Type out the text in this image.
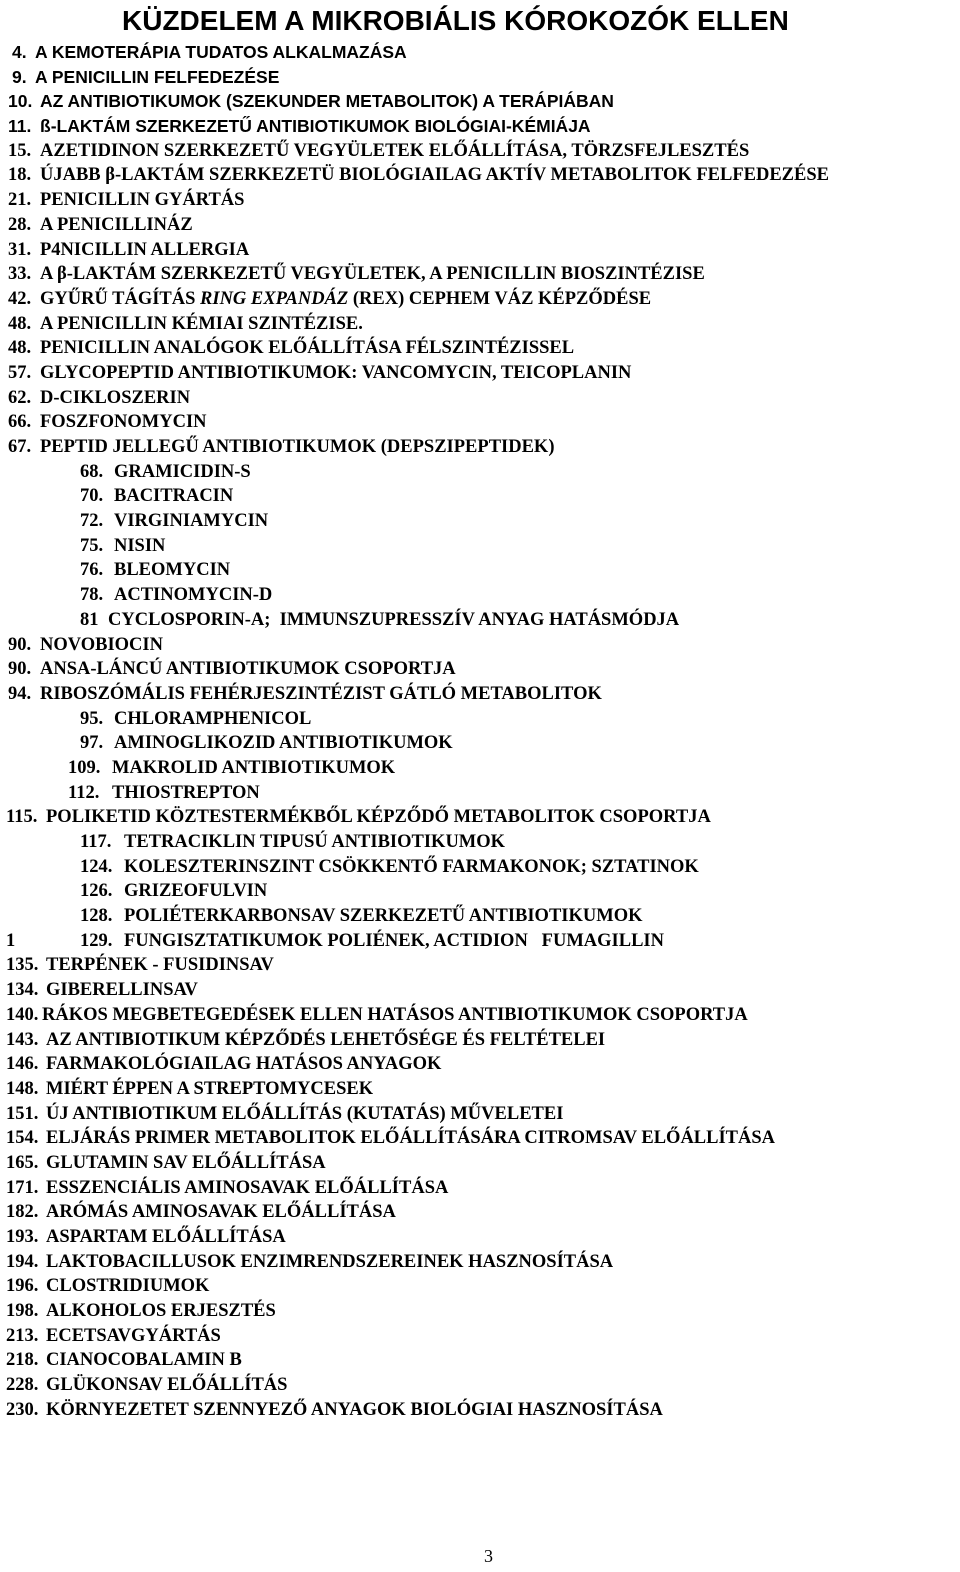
KÜZDELEM A MIKROBIÁLIS KÓROKOZÓK ELLEN
4. A KEMOTERÁPIA TUDATOS ALKALMAZÁSA
9. A PENICILLIN FELFEDEZÉSE
10. AZ ANTIBIOTIKUMOK (SZEKUNDER METABOLITOK) A TERÁPIÁBAN
11. ß-LAKTÁM SZERKEZETŰ ANTIBIOTIKUMOK BIOLÓGIAI-KÉMIÁJA
15. AZETIDINON SZERKEZETŰ VEGYÜLETEK ELŐÁLLÍTÁSA, TÖRZSFEJLESZTÉS
18. ÚJABB β-LAKTÁM SZERKEZETÜ BIOLÓGIAILAG AKTÍV METABOLITOK FELFEDEZÉSE
21. PENICILLIN GYÁRTÁS
28. A PENICILLINÁZ
31. P4NICILLIN ALLERGIA
33. A β-LAKTÁM SZERKEZETŰ VEGYÜLETEK, A PENICILLIN BIOSZINTÉZISE
42. GYŰRŰ TÁGÍTÁS RING EXPANDÁZ (REX) CEPHEM VÁZ KÉPZŐDÉSE
48. A PENICILLIN KÉMIAI SZINTÉZISE.
48. PENICILLIN ANALÓGOK ELŐÁLLÍTÁSA FÉLSZINTÉZISSEL
57. GLYCOPEPTID ANTIBIOTIKUMOK: VANCOMYCIN, TEICOPLANIN
62. D-CIKLOSZERIN
66. FOSZFONOMYCIN
67. PEPTID JELLEGŰ ANTIBIOTIKUMOK (DEPSZIPEPTIDEK)
68. GRAMICIDIN-S
70. BACITRACIN
72. VIRGINIAMYCIN
75. NISIN
76. BLEOMYCIN
78. ACTINOMYCIN-D
81 CYCLOSPORIN-A;  IMMUNSZUPRESSZÍV ANYAG HATÁSMÓDJA
90. NOVOBIOCIN
90. ANSA-LÁNCÚ ANTIBIOTIKUMOK CSOPORTJA
94. RIBOSZÓMÁLIS FEHÉRJESZINTÉZIST GÁTLÓ METABOLITOK
95. CHLORAMPHENICOL
97. AMINOGLIKOZID ANTIBIOTIKUMOK
109. MAKROLID ANTIBIOTIKUMOK
112. THIOSTREPTON
115. POLIKETID KÖZTESTERMÉKBŐL KÉPZŐDŐ METABOLITOK CSOPORTJA
117. TETRACIKLIN TIPUSÚ ANTIBIOTIKUMOK
124. KOLESZTERINSZINT CSÖKKENTŐ FARMAKONOK; SZTATINOK
126. GRIZEOFULVIN
128. POLIÉTERKARBONSAV SZERKEZETŰ ANTIBIOTIKUMOK
1	129. FUNGISZTATIKUMOK POLIÉNEK, ACTIDION   FUMAGILLIN
135. TERPÉNEK - FUSIDINSAV
134. GIBERELLINSAV
140. RÁKOS MEGBETEGEDÉSEK ELLEN HATÁSOS ANTIBIOTIKUMOK CSOPORTJA
143. AZ ANTIBIOTIKUM KÉPZŐDÉS LEHETŐSÉGE ÉS FELTÉTELEI
146. FARMAKOLÓGIAILAG HATÁSOS ANYAGOK
148. MIÉRT ÉPPEN A STREPTOMYCESEK
151. ÚJ ANTIBIOTIKUM ELŐÁLLÍTÁS (KUTATÁS) MŰVELETEI
154. ELJÁRÁS PRIMER METABOLITOK ELŐÁLLÍTÁSÁRA CITROMSAV ELŐÁLLÍTÁSA
165. GLUTAMIN SAV ELŐÁLLÍTÁSA
171. ESSZENCIÁLIS AMINOSAVAK ELŐÁLLÍTÁSA
182. ARÓMÁS AMINOSAVAK ELŐÁLLÍTÁSA
193. ASPARTAM ELŐÁLLÍTÁSA
194. LAKTOBACILLUSOK ENZIMRENDSZEREINEK HASZNOSÍTÁSA
196. CLOSTRIDIUMOK
198. ALKOHOLOS ERJESZTÉS
213. ECETSAVGYÁRTÁS
218. CIANOCOBALAMIN B
228. GLÜKONSAV ELŐÁLLÍTÁS
230. KÖRNYEZETET SZENNYEZŐ ANYAGOK BIOLÓGIAI HASZNOSÍTÁSA
3
